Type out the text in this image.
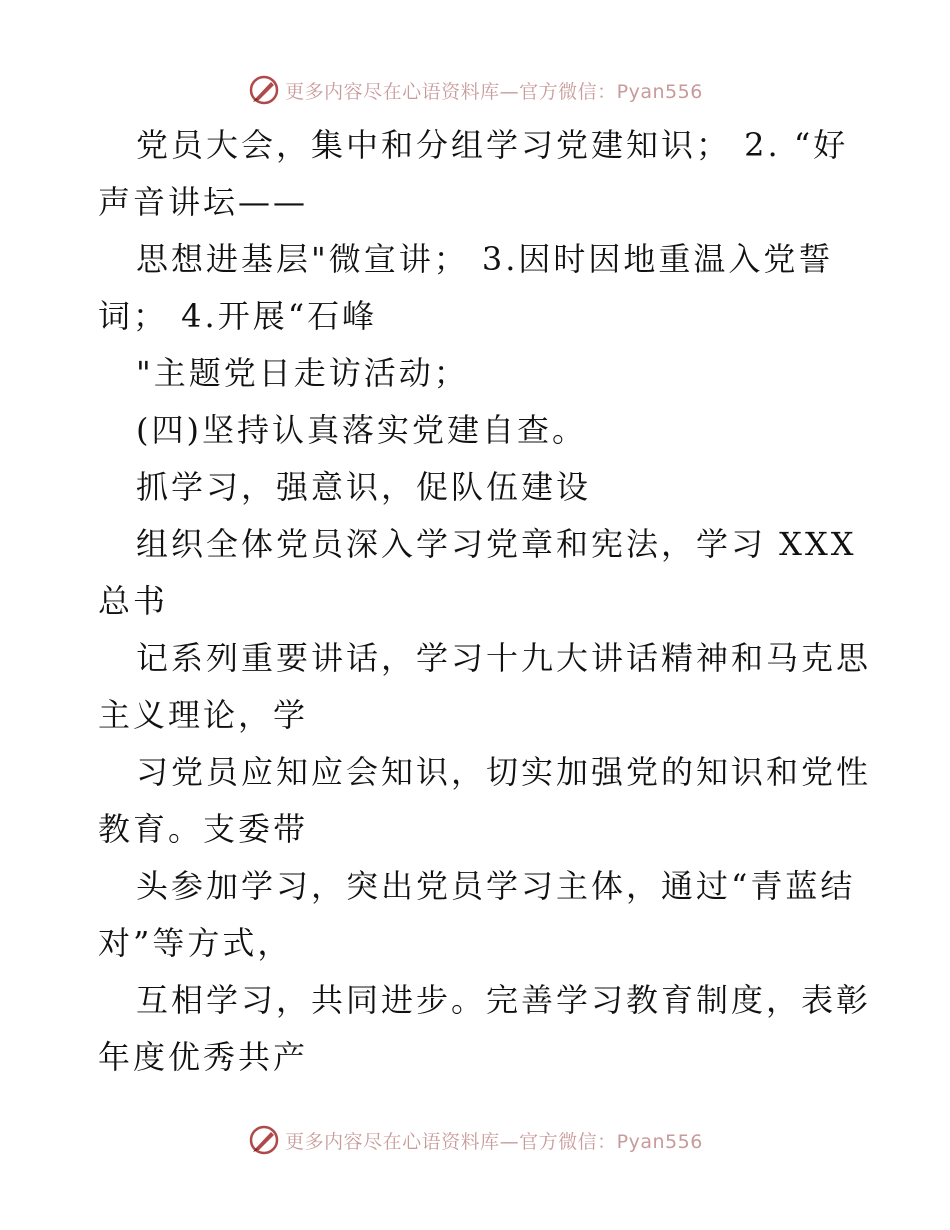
更多内容尽在心语资料库—官方微信：Pyan556
党员大会，集中和分组学习党建知识； 2. “好
声音讲坛——
思想进基层"微宣讲； 3.因时因地重温入党誓
词； 4.开展“石峰
"主题党日走访活动；
(四)坚持认真落实党建自查。
抓学习，强意识，促队伍建设
组织全体党员深入学习党章和宪法，学习 XXX
总书
记系列重要讲话，学习十九大讲话精神和马克思
主义理论，学
习党员应知应会知识，切实加强党的知识和党性
教育。支委带
头参加学习，突出党员学习主体，通过“青蓝结
对”等方式，
互相学习，共同进步。完善学习教育制度，表彰
年度优秀共产
更多内容尽在心语资料库—官方微信：Pyan556
